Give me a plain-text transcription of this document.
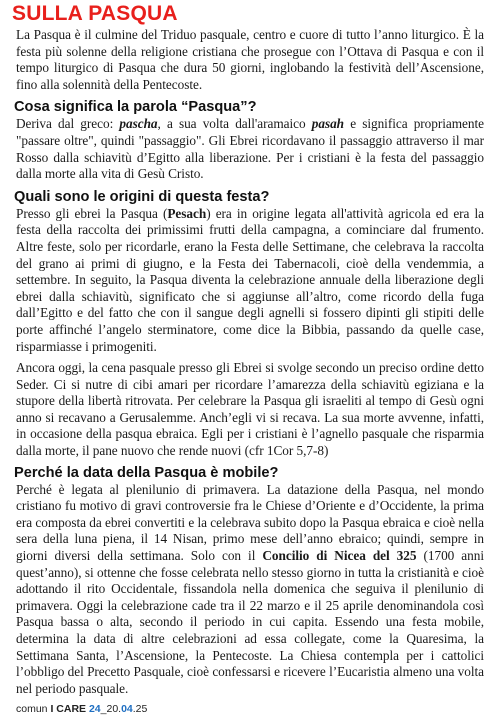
SULLA PASQUA

La Pasqua è il culmine del Triduo pasquale, centro e cuore di tutto l’anno liturgico. È la festa più solenne della religione cristiana che prosegue con l’Ottava di Pasqua e con il tempo liturgico di Pasqua che dura 50 giorni, inglobando la festività dell’Ascensione, fino alla solennità della Pentecoste.

Cosa significa la parola “Pasqua”?

Deriva dal greco: pascha, a sua volta dall'aramaico pasah e significa propriamente "passare oltre", quindi "passaggio". Gli Ebrei ricordavano il passaggio attraverso il mar Rosso dalla schiavitù d’Egitto alla liberazione. Per i cristiani è la festa del passaggio dalla morte alla vita di Gesù Cristo.

Quali sono le origini di questa festa?

Presso gli ebrei la Pasqua (Pesach) era in origine legata all'attività agricola ed era la festa della raccolta dei primissimi frutti della campagna, a cominciare dal frumento. Altre feste, solo per ricordarle, erano la Festa delle Settimane, che celebrava la raccolta del grano ai primi di giugno, e la Festa dei Tabernacoli, cioè della vendemmia, a settembre. In seguito, la Pasqua diventa la celebrazione annuale della liberazione degli ebrei dalla schiavitù, significato che si aggiunse all’altro, come ricordo della fuga dall’Egitto e del fatto che con il sangue degli agnelli si fossero dipinti gli stipiti delle porte affinché l’angelo sterminatore, come dice la Bibbia, passando da quelle case, risparmiasse i primogeniti.

Ancora oggi, la cena pasquale presso gli Ebrei si svolge secondo un preciso ordine detto Seder. Ci si nutre di cibi amari per ricordare l’amarezza della schiavitù egiziana e la stupore della libertà ritrovata. Per celebrare la Pasqua gli israeliti al tempo di Gesù ogni anno si recavano a Gerusalemme. Anch’egli vi si recava. La sua morte avvenne, infatti, in occasione della pasqua ebraica. Egli per i cristiani è l’agnello pasquale che risparmia dalla morte, il pane nuovo che rende nuovi (cfr 1Cor 5,7-8)

Perché la data della Pasqua è mobile?

Perché è legata al plenilunio di primavera. La datazione della Pasqua, nel mondo cristiano fu motivo di gravi controversie fra le Chiese d’Oriente e d’Occidente, la prima era composta da ebrei convertiti e la celebrava subito dopo la Pasqua ebraica e cioè nella sera della luna piena, il 14 Nisan, primo mese dell’anno ebraico; quindi, sempre in giorni diversi della settimana. Solo con il Concilio di Nicea del 325 (1700 anni quest’anno), si ottenne che fosse celebrata nello stesso giorno in tutta la cristianità e cioè adottando il rito Occidentale, fissandola nella domenica che seguiva il plenilunio di primavera. Oggi la celebrazione cade tra il 22 marzo e il 25 aprile denominandola così Pasqua bassa o alta, secondo il periodo in cui capita. Essendo una festa mobile, determina la data di altre celebrazioni ad essa collegate, come la Quaresima, la Settimana Santa, l’Ascensione, la Pentecoste. La Chiesa contempla per i cattolici l’obbligo del Precetto Pasquale, cioè confessarsi e ricevere l’Eucaristia almeno una volta nel periodo pasquale.

comun I CARE 24_20.04.25
